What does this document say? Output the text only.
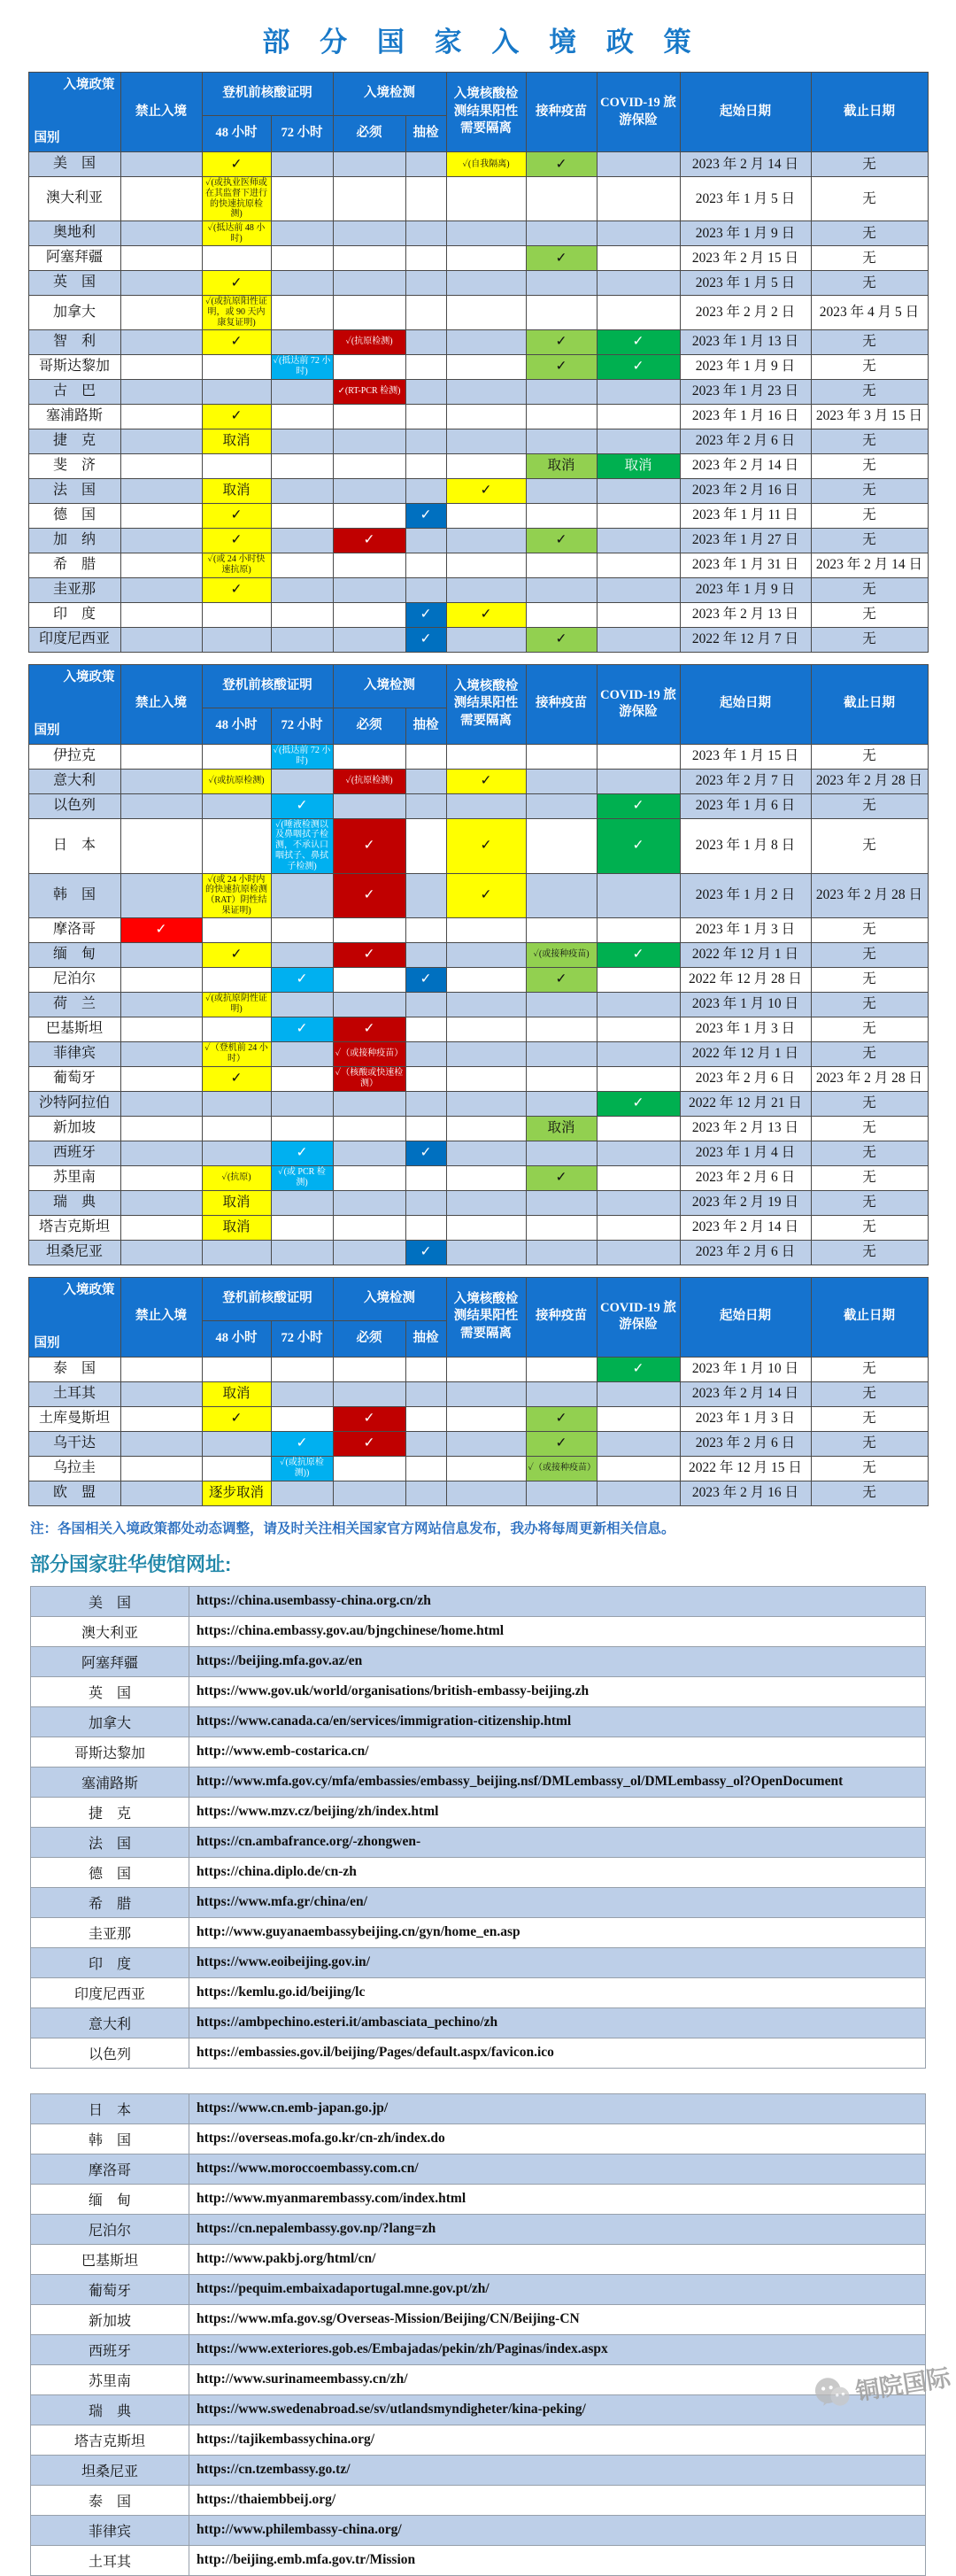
部 分 国 家 入 境 政 策
入境政策
国别	禁止入境	登机前核酸证明		入境检测		入境核酸检测结果阳性需要隔离	接种疫苗	COVID-19 旅游保险	起始日期	截止日期
		48 小时	72 小时	必须	抽检					
美　国		✓				✓(自我隔离)	✓		2023 年 2 月 14 日	无
澳大利亚		✓(或执业医师或在其监督下进行的快速抗原检测)							2023 年 1 月 5 日	无
奥地利		✓(抵达前 48 小时)							2023 年 1 月 9 日	无
阿塞拜疆							✓		2023 年 2 月 15 日	无
英　国		✓							2023 年 1 月 5 日	无
加拿大		✓(或抗原阳性证明，或 90 天内康复证明)							2023 年 2 月 2 日	2023 年 4 月 5 日
智　利		✓		✓(抗原检测)			✓	✓	2023 年 1 月 13 日	无
哥斯达黎加			✓(抵达前 72 小时)				✓	✓	2023 年 1 月 9 日	无
古　巴				✓(RT-PCR 检测)					2023 年 1 月 23 日	无
塞浦路斯		✓							2023 年 1 月 16 日	2023 年 3 月 15 日
捷　克		取消							2023 年 2 月 6 日	无
斐　济							取消	取消	2023 年 2 月 14 日	无
法　国		取消				✓			2023 年 2 月 16 日	无
德　国		✓			✓				2023 年 1 月 11 日	无
加　纳		✓		✓			✓		2023 年 1 月 27 日	无
希　腊		✓(或 24 小时快速抗原)							2023 年 1 月 31 日	2023 年 2 月 14 日
圭亚那		✓							2023 年 1 月 9 日	无
印　度					✓	✓			2023 年 2 月 13 日	无
印度尼西亚					✓		✓		2022 年 12 月 7 日	无
入境政策
国别	禁止入境	登机前核酸证明		入境检测		入境核酸检测结果阳性需要隔离	接种疫苗	COVID-19 旅游保险	起始日期	截止日期
		48 小时	72 小时	必须	抽检					
伊拉克			✓(抵达前 72 小时)						2023 年 1 月 15 日	无
意大利		✓(或抗原检测)		✓(抗原检测)		✓			2023 年 2 月 7 日	2023 年 2 月 28 日
以色列			✓					✓	2023 年 1 月 6 日	无
日　本			✓(唾液检测以及鼻咽拭子检测，不承认口咽拭子、鼻拭子检测)	✓		✓		✓	2023 年 1 月 8 日	无
韩　国		✓(或 24 小时内的快速抗原检测（RAT）阴性结果证明)		✓		✓			2023 年 1 月 2 日	2023 年 2 月 28 日
摩洛哥	✓								2023 年 1 月 3 日	无
缅　甸		✓		✓			✓(或接种疫苗)	✓	2022 年 12 月 1 日	无
尼泊尔			✓		✓		✓		2022 年 12 月 28 日	无
荷　兰		✓(或抗原阴性证明)							2023 年 1 月 10 日	无
巴基斯坦			✓	✓					2023 年 1 月 3 日	无
菲律宾		✓（登机前 24 小时）		✓（或接种疫苗）					2022 年 12 月 1 日	无
葡萄牙		✓		✓（核酸或快速检测）					2023 年 2 月 6 日	2023 年 2 月 28 日
沙特阿拉伯								✓	2022 年 12 月 21 日	无
新加坡							取消		2023 年 2 月 13 日	无
西班牙			✓		✓				2023 年 1 月 4 日	无
苏里南		✓(抗原)	✓(或 PCR 检测)				✓		2023 年 2 月 6 日	无
瑞　典		取消							2023 年 2 月 19 日	无
塔吉克斯坦		取消							2023 年 2 月 14 日	无
坦桑尼亚					✓				2023 年 2 月 6 日	无
入境政策
国别	禁止入境	登机前核酸证明		入境检测		入境核酸检测结果阳性需要隔离	接种疫苗	COVID-19 旅游保险	起始日期	截止日期
		48 小时	72 小时	必须	抽检					
泰　国								✓	2023 年 1 月 10 日	无
土耳其		取消							2023 年 2 月 14 日	无
土库曼斯坦		✓		✓			✓		2023 年 1 月 3 日	无
乌干达			✓	✓			✓		2023 年 2 月 6 日	无
乌拉圭			✓(或抗原检测))				✓（或接种疫苗）		2022 年 12 月 15 日	无
欧　盟		逐步取消							2023 年 2 月 16 日	无
注：各国相关入境政策都处动态调整，请及时关注相关国家官方网站信息发布，我办将每周更新相关信息。
部分国家驻华使馆网址:
美　国	https://china.usembassy-china.org.cn/zh
澳大利亚	https://china.embassy.gov.au/bjngchinese/home.html
阿塞拜疆	https://beijing.mfa.gov.az/en
英　国	https://www.gov.uk/world/organisations/british-embassy-beijing.zh
加拿大	https://www.canada.ca/en/services/immigration-citizenship.html
哥斯达黎加	http://www.emb-costarica.cn/
塞浦路斯	http://www.mfa.gov.cy/mfa/embassies/embassy_beijing.nsf/DMLembassy_ol/DMLembassy_ol?OpenDocument
捷　克	https://www.mzv.cz/beijing/zh/index.html
法　国	https://cn.ambafrance.org/-zhongwen-
德　国	https://china.diplo.de/cn-zh
希　腊	https://www.mfa.gr/china/en/
圭亚那	http://www.guyanaembassybeijing.cn/gyn/home_en.asp
印　度	https://www.eoibeijing.gov.in/
印度尼西亚	https://kemlu.go.id/beijing/lc
意大利	https://ambpechino.esteri.it/ambasciata_pechino/zh
以色列	https://embassies.gov.il/beijing/Pages/default.aspx/favicon.ico
日　本	https://www.cn.emb-japan.go.jp/
韩　国	https://overseas.mofa.go.kr/cn-zh/index.do
摩洛哥	https://www.moroccoembassy.com.cn/
缅　甸	http://www.myanmarembassy.com/index.html
尼泊尔	https://cn.nepalembassy.gov.np/?lang=zh
巴基斯坦	http://www.pakbj.org/html/cn/
葡萄牙	https://pequim.embaixadaportugal.mne.gov.pt/zh/
新加坡	https://www.mfa.gov.sg/Overseas-Mission/Beijing/CN/Beijing-CN
西班牙	https://www.exteriores.gob.es/Embajadas/pekin/zh/Paginas/index.aspx
苏里南	http://www.surinameembassy.cn/zh/
瑞　典	https://www.swedenabroad.se/sv/utlandsmyndigheter/kina-peking/
塔吉克斯坦	https://tajikembassychina.org/
坦桑尼亚	https://cn.tzembassy.go.tz/
泰　国	https://thaiembbeij.org/
菲律宾	http://www.philembassy-china.org/
土耳其	http://beijing.emb.mfa.gov.tr/Mission
铜院国际
